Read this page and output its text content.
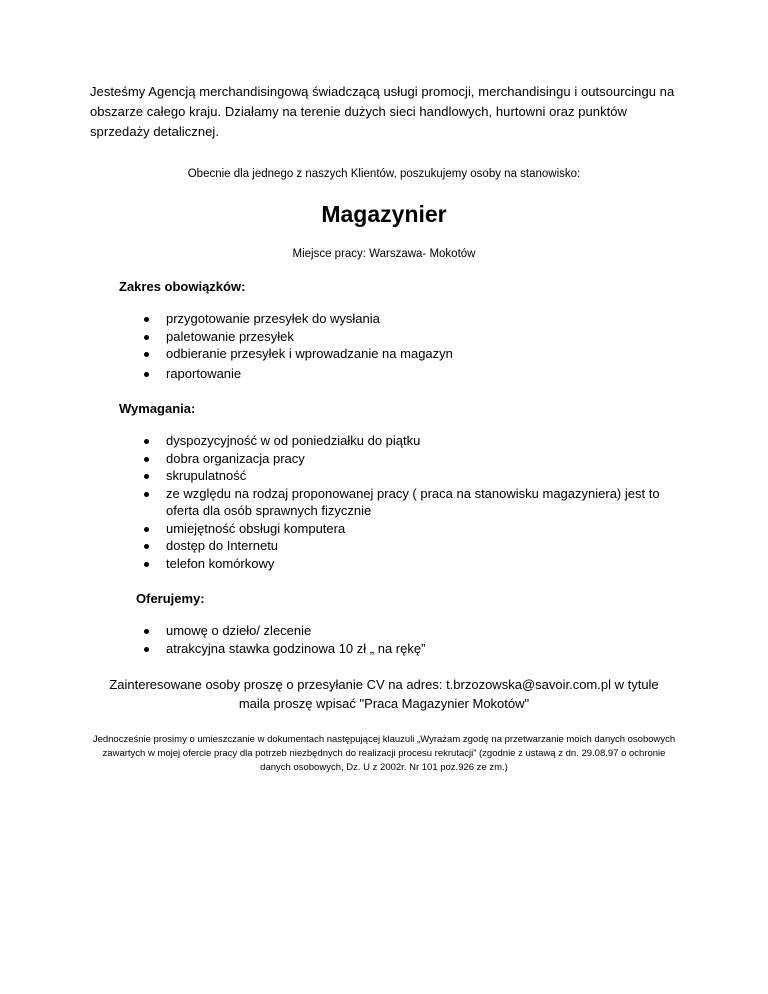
Jesteśmy Agencją merchandisingową świadczącą usługi promocji, merchandisingu i outsourcingu na obszarze całego kraju. Działamy na terenie dużych sieci handlowych, hurtowni oraz punktów sprzedaży detalicznej.

Obecnie dla jednego z naszych Klientów, poszukujemy osoby na stanowisko:

Magazynier

Miejsce pracy: Warszawa- Mokotów

Zakres obowiązków:
przygotowanie przesyłek do wysłania
paletowanie przesyłek
odbieranie przesyłek i wprowadzanie na magazyn
raportowanie
Wymagania:
dyspozycyjność w od poniedziałku do piątku
dobra organizacja pracy
skrupulatność
ze względu na rodzaj proponowanej pracy ( praca na stanowisku magazyniera) jest to oferta dla osób sprawnych fizycznie
umiejętność obsługi komputera
dostęp do Internetu
telefon komórkowy
Oferujemy:
umowę o dzieło/ zlecenie
atrakcyjna stawka godzinowa 10 zł „ na rękę”

Zainteresowane osoby proszę o przesyłanie CV na adres: t.brzozowska@savoir.com.pl w tytule maila proszę wpisać "Praca Magazynier Mokotów"

Jednocześnie prosimy o umieszczanie w dokumentach następującej klauzuli „Wyrażam zgodę na przetwarzanie moich danych osobowych zawartych w mojej ofercie pracy dla potrzeb niezbędnych do realizacji procesu rekrutacji” (zgodnie z ustawą z dn. 29.08.97 o ochronie danych osobowych, Dz. U z 2002r. Nr 101 poz.926 ze zm.)
